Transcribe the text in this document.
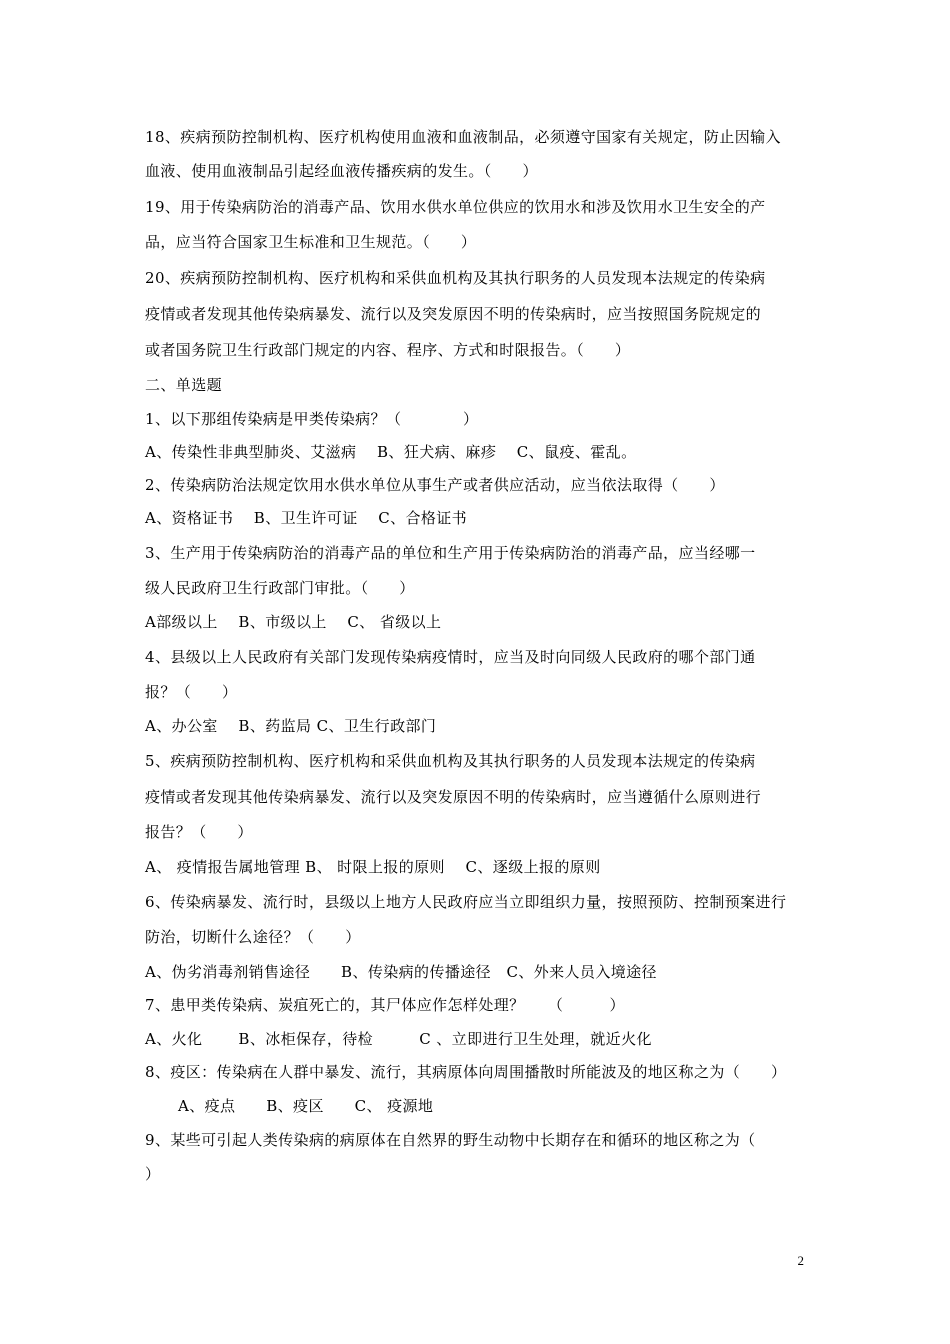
18、疾病预防控制机构、医疗机构使用血液和血液制品，必须遵守国家有关规定，防止因输入
血液、使用血液制品引起经血液传播疾病的发生。（　　）
19、用于传染病防治的消毒产品、饮用水供水单位供应的饮用水和涉及饮用水卫生安全的产
品，应当符合国家卫生标准和卫生规范。（　　）
20、疾病预防控制机构、医疗机构和采供血机构及其执行职务的人员发现本法规定的传染病
疫情或者发现其他传染病暴发、流行以及突发原因不明的传染病时，应当按照国务院规定的
或者国务院卫生行政部门规定的内容、程序、方式和时限报告。（　　）
二、单选题
1、以下那组传染病是甲类传染病？（　　　　）
A、传染性非典型肺炎、艾滋病　 B、狂犬病、麻疹　 C、鼠疫、霍乱。
2、传染病防治法规定饮用水供水单位从事生产或者供应活动，应当依法取得（　　）
A、资格证书　 B、卫生许可证　 C、合格证书
3、生产用于传染病防治的消毒产品的单位和生产用于传染病防治的消毒产品，应当经哪一
级人民政府卫生行政部门审批。（　　）
A部级以上　 B、市级以上　 C、 省级以上
4、县级以上人民政府有关部门发现传染病疫情时，应当及时向同级人民政府的哪个部门通
报？（　　）
A、办公室　 B、药监局 C、卫生行政部门
5、疾病预防控制机构、医疗机构和采供血机构及其执行职务的人员发现本法规定的传染病
疫情或者发现其他传染病暴发、流行以及突发原因不明的传染病时，应当遵循什么原则进行
报告？（　　）
A、 疫情报告属地管理 B、 时限上报的原则　 C、逐级上报的原则
6、传染病暴发、流行时，县级以上地方人民政府应当立即组织力量，按照预防、控制预案进行
防治，切断什么途径？（　　）
A、伪劣消毒剂销售途径　　B、传染病的传播途径　C、外来人员入境途径
7、患甲类传染病、炭疽死亡的，其尸体应作怎样处理？　　（　　　）
A、火化　　 B、冰柜保存，待检　　　C 、立即进行卫生处理，就近火化
8、疫区：传染病在人群中暴发、流行，其病原体向周围播散时所能波及的地区称之为（　　）
A、疫点　　B、疫区　　C、 疫源地
9、某些可引起人类传染病的病原体在自然界的野生动物中长期存在和循环的地区称之为（
）
2
